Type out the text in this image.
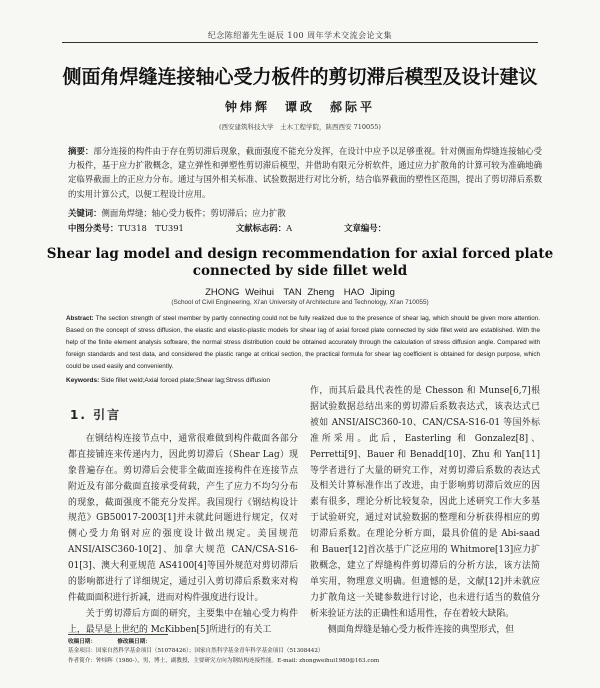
纪念陈绍蕃先生诞辰 100 周年学术交流会论文集
侧面角焊缝连接轴心受力板件的剪切滞后模型及设计建议
钟炜辉　谭政　郝际平
(西安建筑科技大学　土木工程学院，陕西西安 710055)
摘要：部分连接的构件由于存在剪切滞后现象，截面强度不能充分发挥，在设计中应予以足够重视。针对侧面角焊缝连接轴心受力板件，基于应力扩散概念，建立弹性和弹塑性剪切滞后模型，并借助有限元分析软件，通过应力扩散角的计算可较为准确地确定临界截面上的正应力分布。通过与国外相关标准、试验数据进行对比分析，结合临界截面的塑性区范围，提出了剪切滞后系数的实用计算公式，以便工程设计应用。
关键词：侧面角焊缝；轴心受力板件；剪切滞后；应力扩散
中图分类号：TU318　TU391	文献标志码：A	文章编号：
Shear lag model and design recommendation for axial forced plate
connected by side fillet weld
ZHONG Weihui　TAN Zheng　HAO Jiping
(School of Civil Engineering, Xi'an University of Architecture and Technology, Xi'an 710055)
Abstract: The section strength of steel member by partly connecting could not be fully realized due to the presence of shear lag, which should be given more attention. Based on the concept of stress diffusion, the elastic and elastic-plastic models for shear lag of axial forced plate connected by side fillet weld are established. With the help of the finite element analysis software, the normal stress distribution could be obtained accurately through the calculation of stress diffusion angle. Compared with foreign standards and test data, and considered the plastic range at critical section, the practical formula for shear lag coefficient is obtained for design purpose, which could be used easily and conveniently.
Keywords: Side fillet weld;Axial forced plate;Shear lag;Stress diffusion
1. 引言

在钢结构连接节点中，通常很难做到构件截面各部分都直接铺连来传递内力，因此剪切滞后（Shear Lag）现象普遍存在。剪切滞后会使非全截面连接构件在连接节点附近及有部分截面直接承受荷载，产生了应力不均匀分布的现象，截面强度不能充分发挥。我国现行《钢结构设计规范》GB50017-2003[1]并未就此问题进行规定，仅对侧心受力角钢对应的强度设计做出规定。美国规范 ANSI/AISC360-10[2]、加拿大规范 CAN/CSA-S16-01[3]、澳大利亚规范 AS4100[4]等国外规范对剪切滞后的影响都进行了详细规定，通过引入剪切滞后系数来对构件截面面积进行折减，进而对构件强度进行设计。

关于剪切滞后方面的研究，主要集中在轴心受力构件上，最早是上世纪的 McKibben[5]所进行的有关工

作，而其后最具代表性的是 Chesson 和 Munse[6,7]根据试验数据总结出来的剪切滞后系数表达式，该表达式已被如 ANSI/AISC360-10、CAN/CSA-S16-01 等国外标准所采用。此后，Easterling 和 Gonzalez[8]、Perretti[9]、Bauer 和 Benadd[10]、Zhu 和 Yan[11]等学者进行了大量的研究工作，对剪切滞后系数的表达式及相关计算标准作出了改进，由于影响剪切滞后效应的因素有很多，理论分析比较复杂，因此上述研究工作大多基于试验研究，通过对试验数据的整理和分析获得相应的剪切滞后系数。在理论分析方面，最具价值的是 Abi-saad 和 Bauer[12]首次基于广泛应用的 Whitmore[13]应力扩散概念，建立了焊缝构件剪切滞后的分析方法，该方法简单实用，物理意义明确。但遗憾的是，文献[12]并未就应力扩散角这一关键参数进行讨论，也未进行适当的数值分析来验证方法的正确性和适用性，存在着较大缺陷。

侧面角焊缝是轴心受力板件连接的典型形式，但

收稿日期：	修改稿日期：
基金项目：国家自然科学基金项目（51078426）；国家自然科学基金青年科学基金项目（51308442）
作者简介：钟炜辉（1980-），男，博士，副教授，主要研究方向为钢结构连接性能。E-mail: zhongweihui1980@163.com
